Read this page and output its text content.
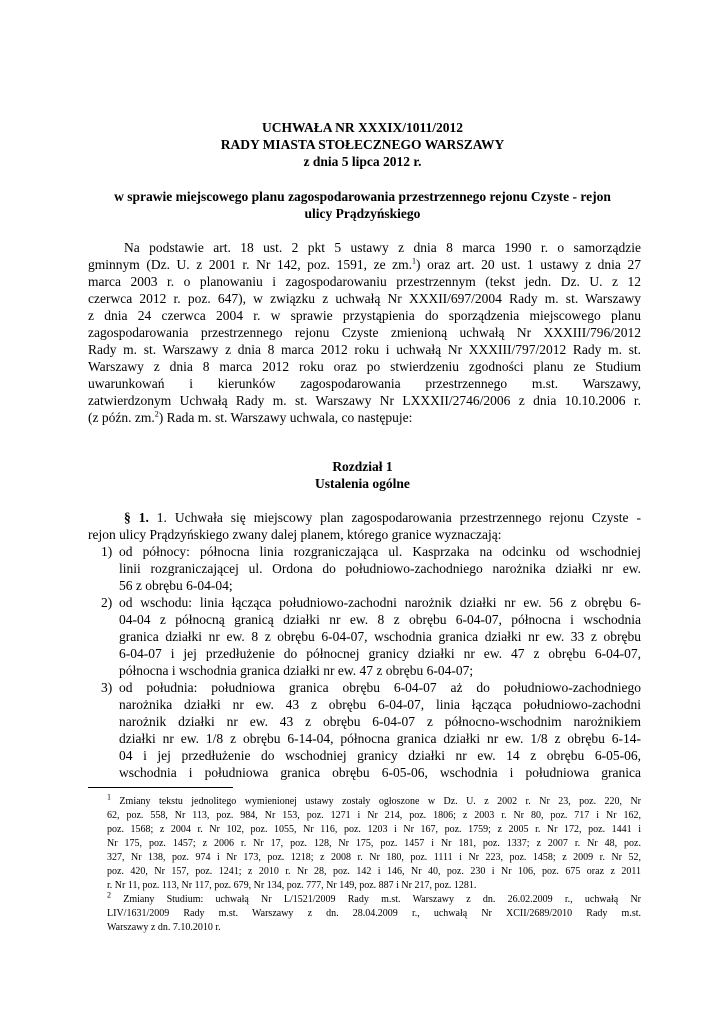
UCHWAŁA NR XXXIX/1011/2012
RADY MIASTA STOŁECZNEGO WARSZAWY
z dnia 5 lipca 2012 r.
w sprawie miejscowego planu zagospodarowania przestrzennego rejonu Czyste - rejon
ulicy Prądzyńskiego
Na podstawie art. 18 ust. 2 pkt 5 ustawy z dnia 8 marca 1990 r. o samorządzie
gminnym (Dz. U. z 2001 r. Nr 142, poz. 1591, ze zm.$^1$) oraz art. 20 ust. 1 ustawy z dnia 27
marca 2003 r. o planowaniu i zagospodarowaniu przestrzennym (tekst jedn. Dz. U. z 12
czerwca 2012 r. poz. 647), w związku z uchwałą Nr XXXII/697/2004 Rady m. st. Warszawy
z dnia 24 czerwca 2004 r. w sprawie przystąpienia do sporządzenia miejscowego planu
zagospodarowania przestrzennego rejonu Czyste zmienioną uchwałą Nr XXXIII/796/2012
Rady m. st. Warszawy z dnia 8 marca 2012 roku i uchwałą Nr XXXIII/797/2012 Rady m. st.
Warszawy z dnia 8 marca 2012 roku oraz po stwierdzeniu zgodności planu ze Studium
uwarunkowań i kierunków zagospodarowania przestrzennego m.st. Warszawy,
zatwierdzonym Uchwałą Rady m. st. Warszawy Nr LXXXII/2746/2006 z dnia 10.10.2006 r.
(z późn. zm.$^2$) Rada m. st. Warszawy uchwala, co następuje:
Rozdział 1
Ustalenia ogólne
§ 1. 1. Uchwała się miejscowy plan zagospodarowania przestrzennego rejonu Czyste -
rejon ulicy Prądzyńskiego zwany dalej planem, którego granice wyznaczają:
1) od północy: północna linia rozgraniczająca ul. Kasprzaka na odcinku od wschodniej
linii rozgraniczającej ul. Ordona do południowo-zachodniego narożnika działki nr ew.
56 z obrębu 6-04-04;
2) od wschodu: linia łącząca południowo-zachodni narożnik działki nr ew. 56 z obrębu 6-
04-04 z północną granicą działki nr ew. 8 z obrębu 6-04-07, północna i wschodnia
granica działki nr ew. 8 z obrębu 6-04-07, wschodnia granica działki nr ew. 33 z obrębu
6-04-07 i jej przedłużenie do północnej granicy działki nr ew. 47 z obrębu 6-04-07,
północna i wschodnia granica działki nr ew. 47 z obrębu 6-04-07;
3) od południa: południowa granica obrębu 6-04-07 aż do południowo-zachodniego
narożnika działki nr ew. 43 z obrębu 6-04-07, linia łącząca południowo-zachodni
narożnik działki nr ew. 43 z obrębu 6-04-07 z północno-wschodnim narożnikiem
działki nr ew. 1/8 z obrębu 6-14-04, północna granica działki nr ew. 1/8 z obrębu 6-14-
04 i jej przedłużenie do wschodniej granicy działki nr ew. 14 z obrębu 6-05-06,
wschodnia i południowa granica obrębu 6-05-06, wschodnia i południowa granica
$^1$ Zmiany tekstu jednolitego wymienionej ustawy zostały ogłoszone w Dz. U. z 2002 r. Nr 23, poz. 220, Nr
62, poz. 558, Nr 113, poz. 984, Nr 153, poz. 1271 i Nr 214, poz. 1806; z 2003 r. Nr 80, poz. 717 i Nr 162,
poz. 1568; z 2004 r. Nr 102, poz. 1055, Nr 116, poz. 1203 i Nr 167, poz. 1759; z 2005 r. Nr 172, poz. 1441 i
Nr 175, poz. 1457; z 2006 r. Nr 17, poz. 128, Nr 175, poz. 1457 i Nr 181, poz. 1337; z 2007 r. Nr 48, poz.
327, Nr 138, poz. 974 i Nr 173, poz. 1218; z 2008 r. Nr 180, poz. 1111 i Nr 223, poz. 1458; z 2009 r. Nr 52,
poz. 420, Nr 157, poz. 1241; z 2010 r. Nr 28, poz. 142 i 146, Nr 40, poz. 230 i Nr 106, poz. 675 oraz z 2011
r. Nr 11, poz. 113, Nr 117, poz. 679, Nr 134, poz. 777, Nr 149, poz. 887 i Nr 217, poz. 1281.
$^2$ Zmiany Studium: uchwałą Nr L/1521/2009 Rady m.st. Warszawy z dn. 26.02.2009 r., uchwałą Nr
LIV/1631/2009 Rady m.st. Warszawy z dn. 28.04.2009 r., uchwałą Nr XCII/2689/2010 Rady m.st.
Warszawy z dn. 7.10.2010 r.
